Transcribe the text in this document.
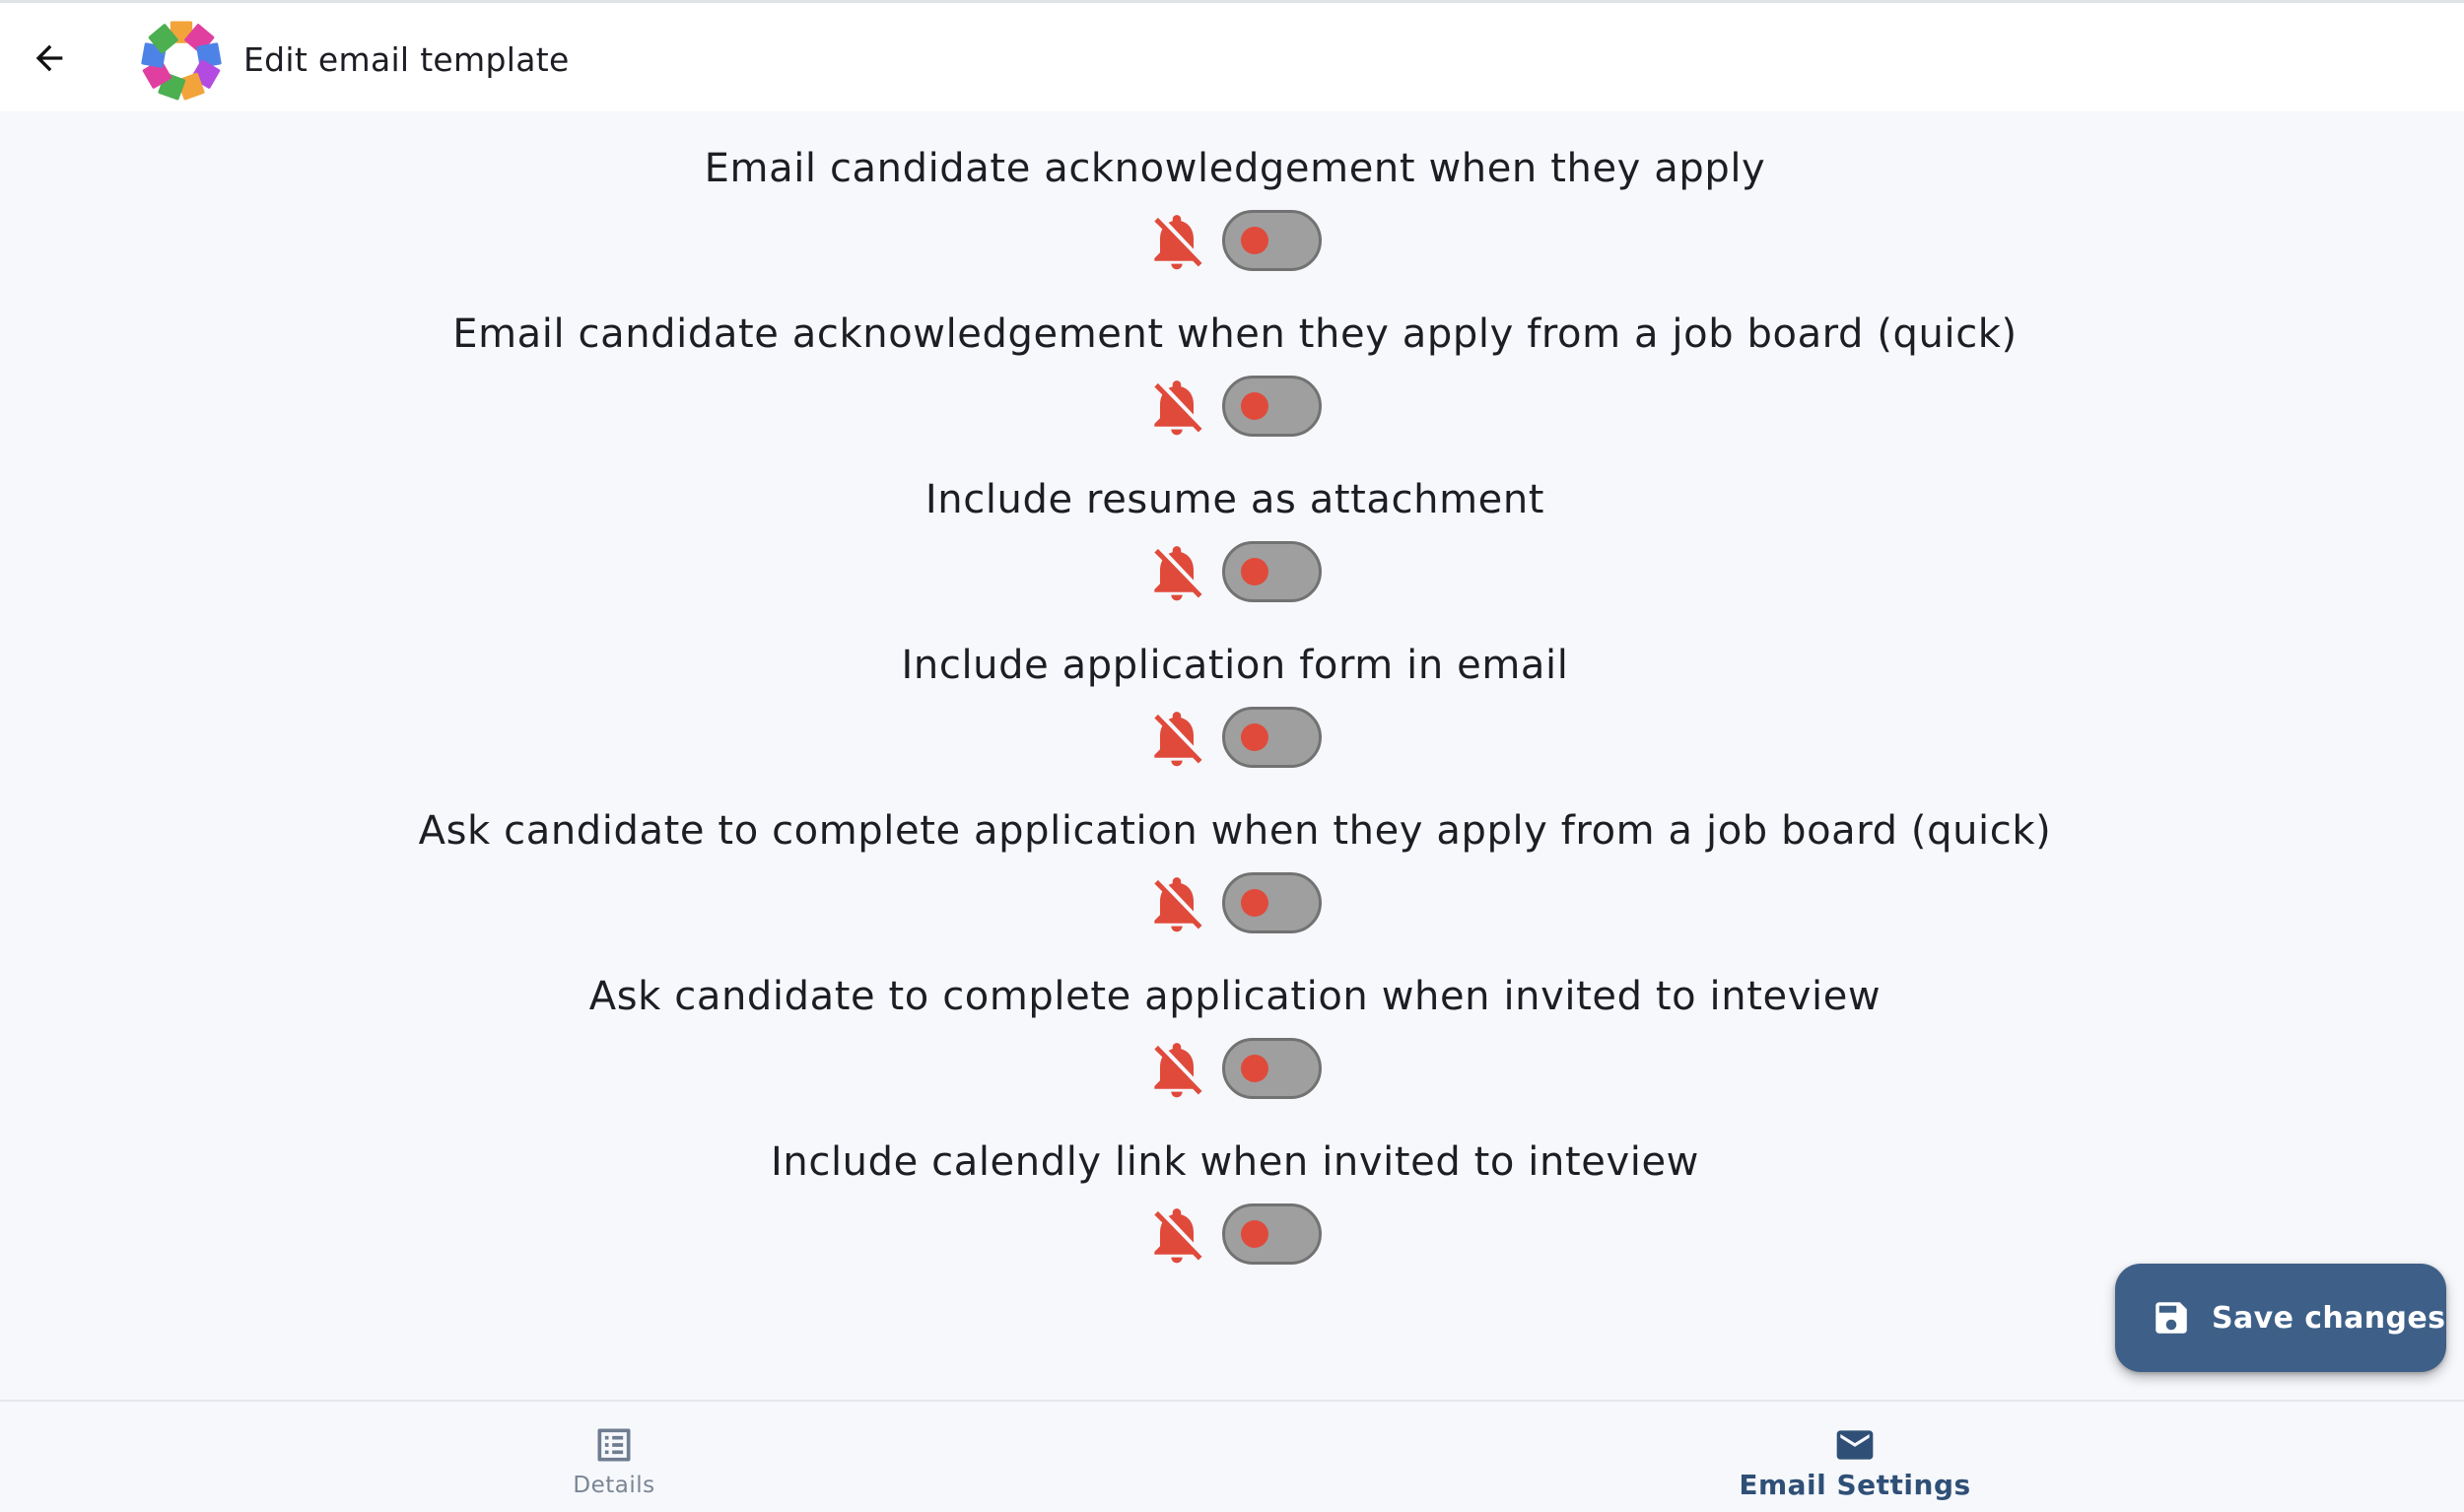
Edit email template
Email candidate acknowledgement when they apply
Email candidate acknowledgement when they apply from a job board (quick)
Include resume as attachment
Include application form in email
Ask candidate to complete application when they apply from a job board (quick)
Ask candidate to complete application when invited to inteview
Include calendly link when invited to inteview
Save changes
Details	Email Settings
